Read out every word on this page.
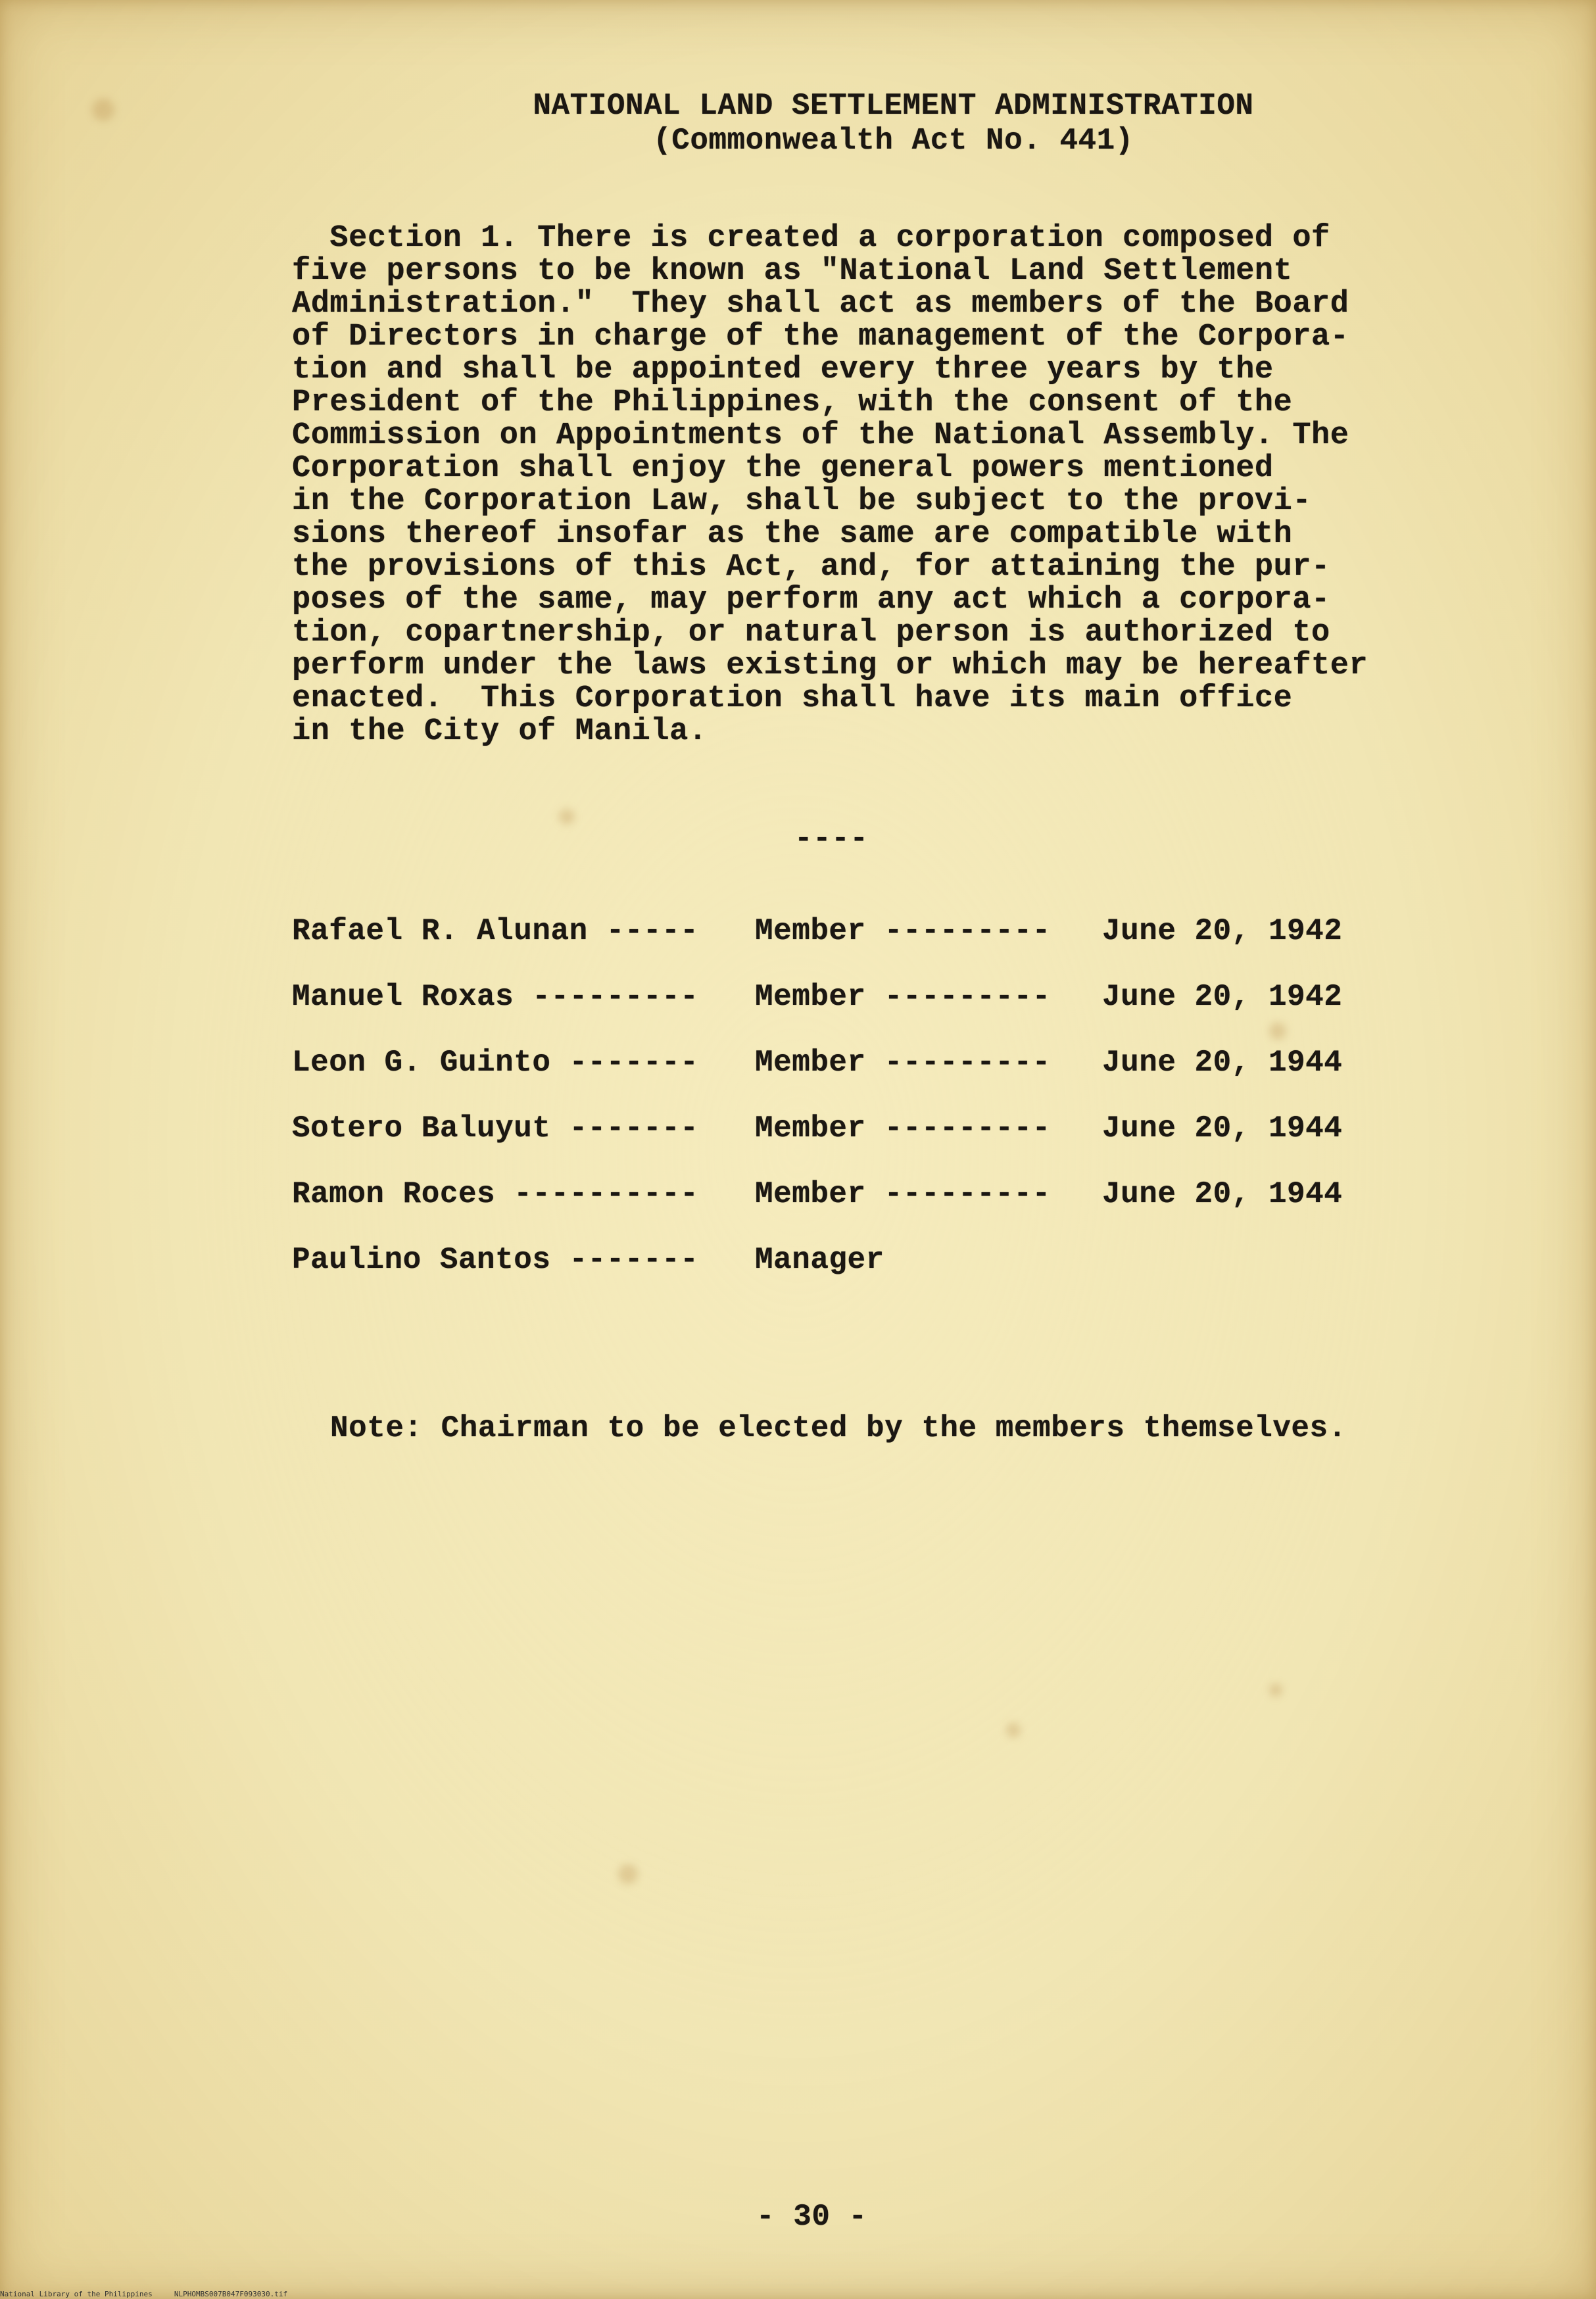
NATIONAL LAND SETTLEMENT ADMINISTRATION
(Commonwealth Act No. 441)
Section 1. There is created a corporation composed of
five persons to be known as "National Land Settlement
Administration."  They shall act as members of the Board
of Directors in charge of the management of the Corpora-
tion and shall be appointed every three years by the
President of the Philippines, with the consent of the
Commission on Appointments of the National Assembly. The
Corporation shall enjoy the general powers mentioned
in the Corporation Law, shall be subject to the provi-
sions thereof insofar as the same are compatible with
the provisions of this Act, and, for attaining the pur-
poses of the same, may perform any act which a corpora-
tion, copartnership, or natural person is authorized to
perform under the laws existing or which may be hereafter
enacted.  This Corporation shall have its main office
in the City of Manila.
----
Rafael R. Alunan ----- Member --------- June 20, 1942
Manuel Roxas --------- Member --------- June 20, 1942
Leon G. Guinto ------- Member --------- June 20, 1944
Sotero Baluyut ------- Member --------- June 20, 1944
Ramon Roces ---------- Member --------- June 20, 1944
Paulino Santos ------- Manager
Note: Chairman to be elected by the members themselves.
- 30 -
National Library of the Philippines     NLPHOMBS007B047F093030.tif
